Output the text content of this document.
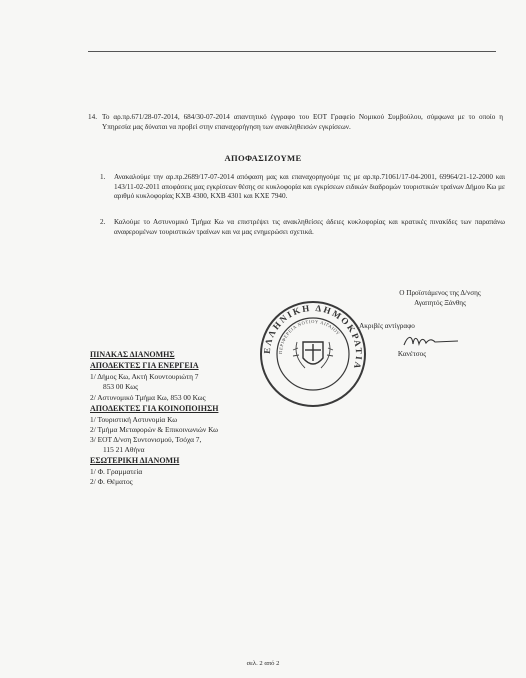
14. Το αρ.πρ.671/28-07-2014, 684/30-07-2014 απαντητικό έγγραφο του ΕΟΤ Γραφείο Νομικού Συμβούλου, σύμφωνα με το οποίο η Υπηρεσία μας δύναται να προβεί στην επαναχορήγηση των ανακληθεισών εγκρίσεων.
ΑΠΟΦΑΣΙΖΟΥΜΕ
1. Ανακαλούμε την αρ.πρ.2689/17-07-2014 απόφαση μας και επαναχορηγούμε τις με αρ.πρ.71061/17-04-2001, 69964/21-12-2000 και 143/11-02-2011 αποφάσεις μας εγκρίσεων θέσης σε κυκλοφορία και εγκρίσεων ειδικών διαδρομών τουριστικών τραίνων Δήμου Κω με αριθμό κυκλοφορίας ΚΧΒ 4300, ΚΧΒ 4301 και ΚΧΕ 7940.
2. Καλούμε το Αστυνομικό Τμήμα Κω να επιστρέψει τις ανακληθείσες άδειες κυκλοφορίας και κρατικές πινακίδες των παραπάνω αναφερομένων τουριστικών τραίνων και να μας ενημερώσει σχετικά.
Ο Προϊστάμενος της Δ/νσης
Αγαπητός Ξάνθης
Ακριβές αντίγραφο
Κανέτσος
ΕΛΛΗΝΙΚΗ ΔΗΜΟΚΡΑΤΙΑ
ΠΕΡΙΦΕΡΕΙΑ ΝΟΤΙΟΥ ΑΙΓΑΙΟΥ
ΠΙΝΑΚΑΣ ΔΙΑΝΟΜΗΣ
ΑΠΟΔΕΚΤΕΣ ΓΙΑ ΕΝΕΡΓΕΙΑ
1/ Δήμος Κω, Ακτή Κουντουριώτη 7
853 00 Κως
2/ Αστυνομικό Τμήμα Κω, 853 00 Κως
ΑΠΟΔΕΚΤΕΣ ΓΙΑ ΚΟΙΝΟΠΟΙΗΣΗ
1/ Τουριστική Αστυνομία Κω
2/ Τμήμα Μεταφορών & Επικοινωνιών Κω
3/ ΕΟΤ Δ/νση Συντονισμού, Τσόχα 7,
115 21 Αθήνα
ΕΣΩΤΕΡΙΚΗ ΔΙΑΝΟΜΗ
1/ Φ. Γραμματεία
2/ Φ. Θέματος
σελ. 2 από 2
